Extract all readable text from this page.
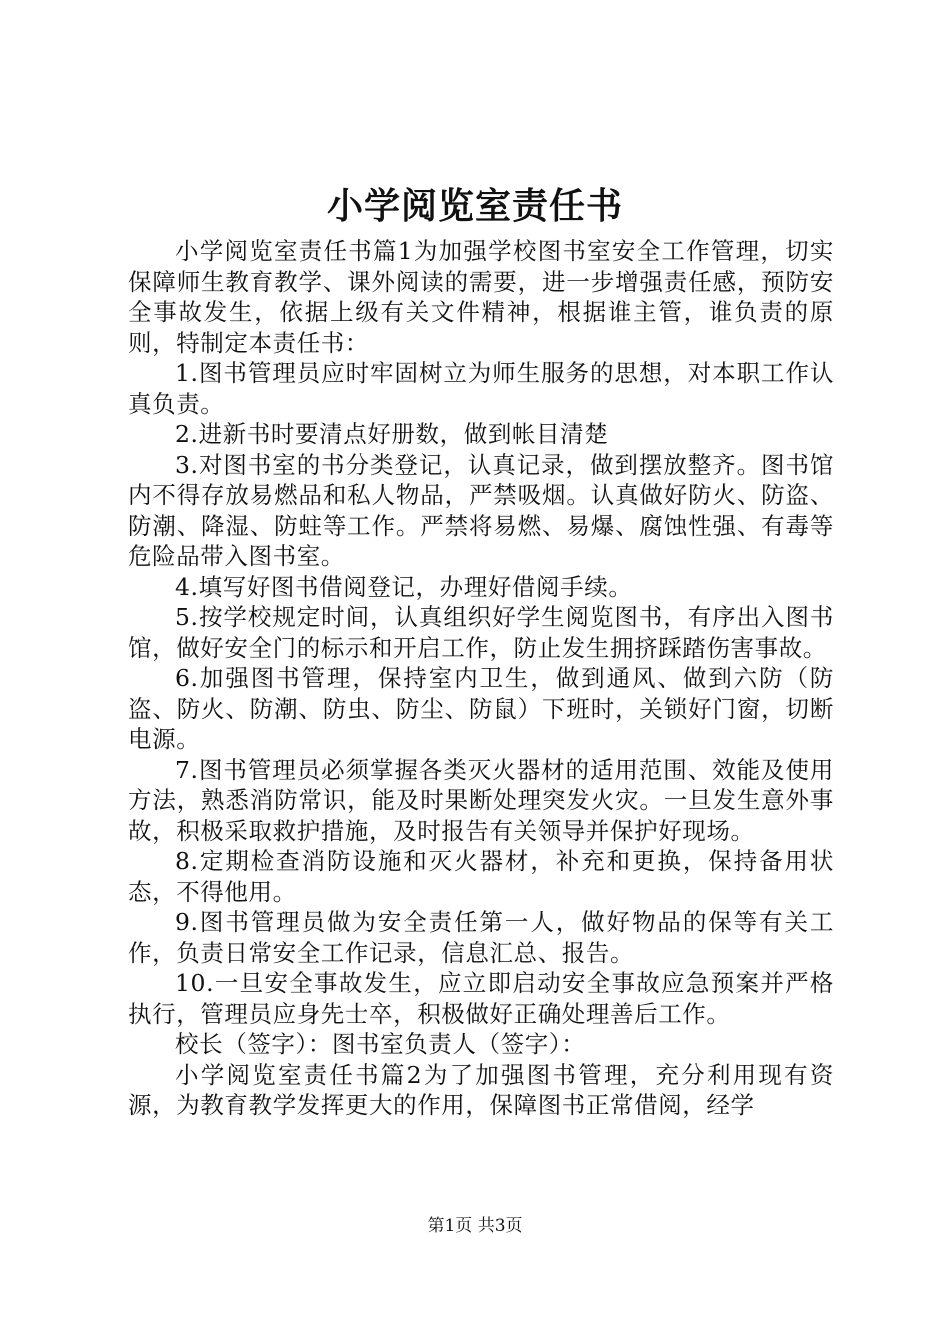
小学阅览室责任书

小学阅览室责任书篇1为加强学校图书室安全工作管理，切实保障师生教育教学、课外阅读的需要，进一步增强责任感，预防安全事故发生，依据上级有关文件精神，根据谁主管，谁负责的原则，特制定本责任书：

1.图书管理员应时牢固树立为师生服务的思想，对本职工作认真负责。

2.进新书时要清点好册数，做到帐目清楚

3.对图书室的书分类登记，认真记录，做到摆放整齐。图书馆内不得存放易燃品和私人物品，严禁吸烟。认真做好防火、防盗、防潮、降湿、防蛀等工作。严禁将易燃、易爆、腐蚀性强、有毒等危险品带入图书室。

4.填写好图书借阅登记，办理好借阅手续。

5.按学校规定时间，认真组织好学生阅览图书，有序出入图书馆，做好安全门的标示和开启工作，防止发生拥挤踩踏伤害事故。

6.加强图书管理，保持室内卫生，做到通风、做到六防（防盗、防火、防潮、防虫、防尘、防鼠）下班时，关锁好门窗，切断电源。

7.图书管理员必须掌握各类灭火器材的适用范围、效能及使用方法，熟悉消防常识，能及时果断处理突发火灾。一旦发生意外事故，积极采取救护措施，及时报告有关领导并保护好现场。

8.定期检查消防设施和灭火器材，补充和更换，保持备用状态，不得他用。

9.图书管理员做为安全责任第一人，做好物品的保等有关工作，负责日常安全工作记录，信息汇总、报告。

10.一旦安全事故发生，应立即启动安全事故应急预案并严格执行，管理员应身先士卒，积极做好正确处理善后工作。

校长（签字）：图书室负责人（签字）：

小学阅览室责任书篇2为了加强图书管理，充分利用现有资源，为教育教学发挥更大的作用，保障图书正常借阅，经学

第1页 共3页
